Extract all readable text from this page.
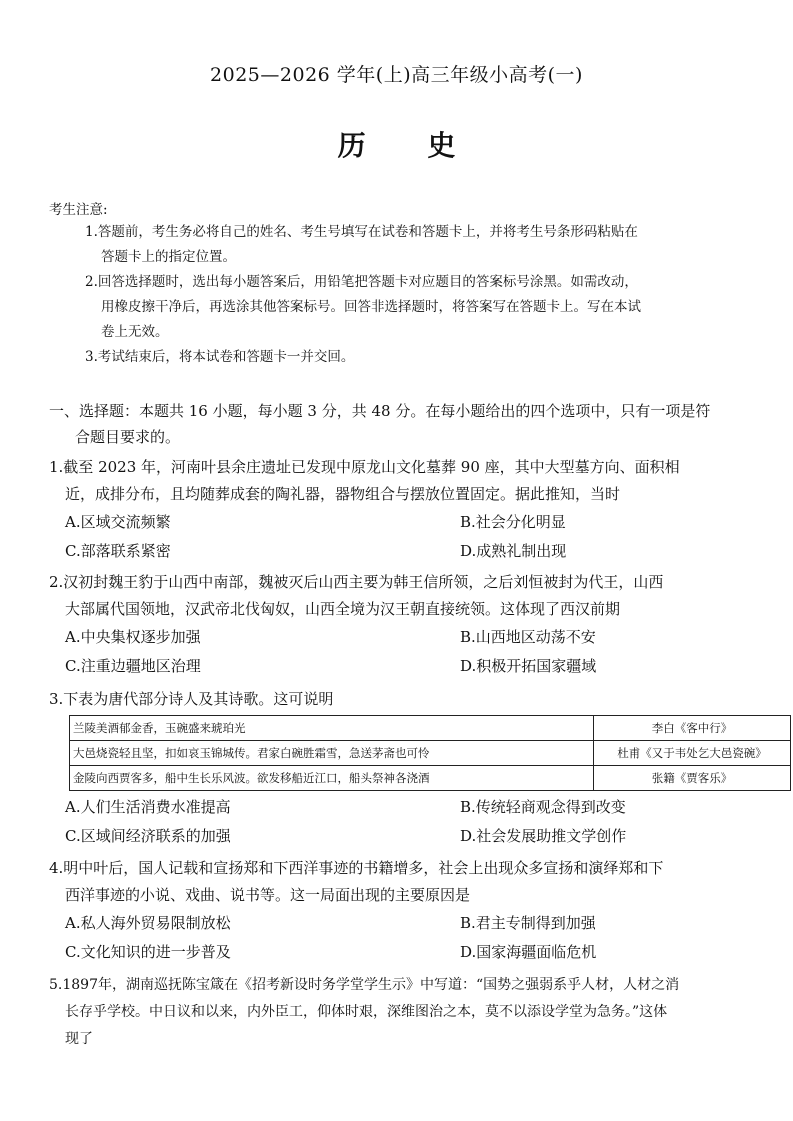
2025—2026 学年(上)高三年级小高考(一)
历 史
考生注意:
1.答题前，考生务必将自己的姓名、考生号填写在试卷和答题卡上，并将考生号条形码粘贴在
答题卡上的指定位置。
2.回答选择题时，选出每小题答案后，用铅笔把答题卡对应题目的答案标号涂黑。如需改动，
用橡皮擦干净后，再选涂其他答案标号。回答非选择题时，将答案写在答题卡上。写在本试
卷上无效。
3.考试结束后，将本试卷和答题卡一并交回。
一、选择题：本题共 16 小题，每小题 3 分，共 48 分。在每小题给出的四个选项中，只有一项是符
合题目要求的。
1.截至 2023 年，河南叶县余庄遗址已发现中原龙山文化墓葬 90 座，其中大型墓方向、面积相
近，成排分布，且均随葬成套的陶礼器，器物组合与摆放位置固定。据此推知，当时
A.区域交流频繁	B.社会分化明显
C.部落联系紧密	D.成熟礼制出现
2.汉初封魏王豹于山西中南部，魏被灭后山西主要为韩王信所领，之后刘恒被封为代王，山西
大部属代国领地，汉武帝北伐匈奴，山西全境为汉王朝直接统领。这体现了西汉前期
A.中央集权逐步加强	B.山西地区动荡不安
C.注重边疆地区治理	D.积极开拓国家疆域
3.下表为唐代部分诗人及其诗歌。这可说明
兰陵美酒郁金香，玉碗盛来琥珀光	李白《客中行》
大邑烧瓷轻且坚，扣如哀玉锦城传。君家白碗胜霜雪，急送茅斋也可怜	杜甫《又于韦处乞大邑瓷碗》
金陵向西贾客多，船中生长乐风波。欲发移船近江口，船头祭神各浇酒	张籍《贾客乐》
A.人们生活消费水准提高	B.传统轻商观念得到改变
C.区域间经济联系的加强	D.社会发展助推文学创作
4.明中叶后，国人记载和宣扬郑和下西洋事迹的书籍增多，社会上出现众多宣扬和演绎郑和下
西洋事迹的小说、戏曲、说书等。这一局面出现的主要原因是
A.私人海外贸易限制放松	B.君主专制得到加强
C.文化知识的进一步普及	D.国家海疆面临危机
5.1897年，湖南巡抚陈宝箴在《招考新设时务学堂学生示》中写道：“国势之强弱系乎人材，人材之消
长存乎学校。中日议和以来，内外臣工，仰体时艰，深维图治之本，莫不以添设学堂为急务。”这体
现了
